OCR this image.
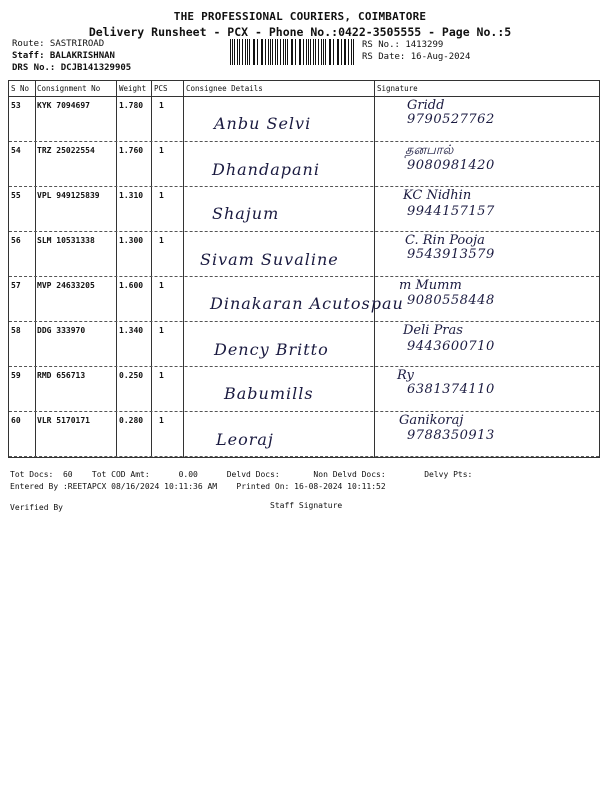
THE PROFESSIONAL COURIERS, COIMBATORE
Delivery Runsheet - PCX - Phone No.:0422-3505555 - Page No.:5
Route: SASTRIROAD
Staff: BALAKRISHNAN
DRS No.: DCJB141329905
RS No.: 1413299
RS Date: 16-Aug-2024
S No Consignment No	Weight PCS Consignee Details	Signature
53 KYK 7094697	1.780 1
Anbu Selvi
Gridd
9790527762
54 TRZ 25022554	1.760 1
Dhandapani
தனபால்
9080981420
55 VPL 949125839 1.310 1
Shajum
KC Nidhin
9944157157
56 SLM 10531338	1.300 1
Sivam Suvaline
C. Rin Pooja
9543913579
57 MVP 24633205	1.600 1
Dinakaran Acutospau
m Mumm
9080558448
58 DDG 333970	1.340 1
Dency Britto
Deli Pras
9443600710
59 RMD 656713	0.250 1
Babumills
Ry
6381374110
60 VLR 5170171	0.280 1
Leoraj
Ganikoraj
9788350913
Tot Docs:  60    Tot COD Amt:      0.00      Delvd Docs:       Non Delvd Docs:        Delvy Pts:
Entered By :REETAPCX 08/16/2024 10:11:36 AM    Printed On: 16-08-2024 10:11:52
Verified By	Staff Signature
